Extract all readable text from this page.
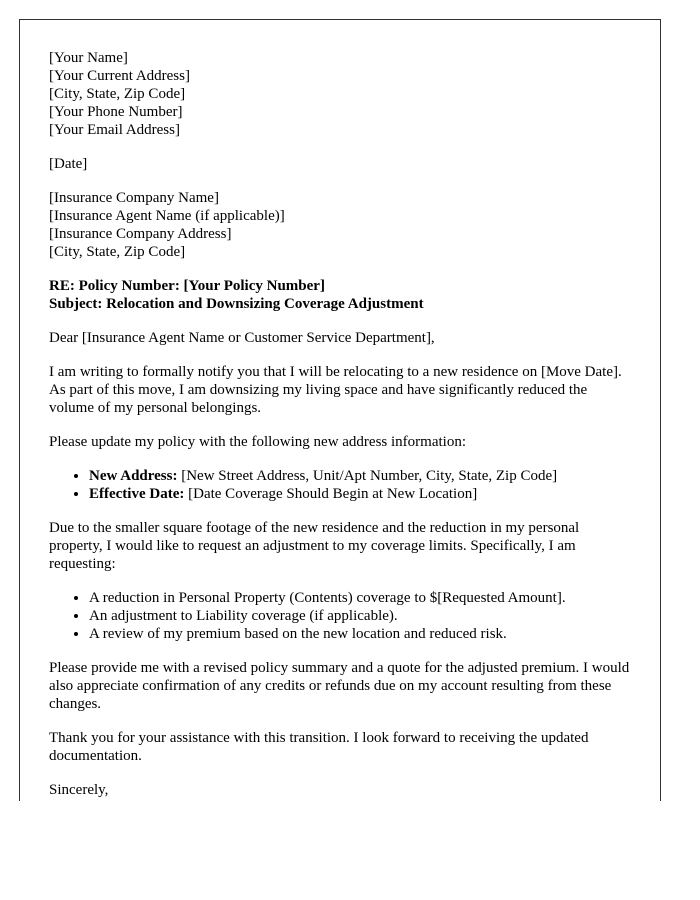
[Your Name]
[Your Current Address]
[City, State, Zip Code]
[Your Phone Number]
[Your Email Address]
[Date]
[Insurance Company Name]
[Insurance Agent Name (if applicable)]
[Insurance Company Address]
[City, State, Zip Code]
RE: Policy Number: [Your Policy Number]
Subject: Relocation and Downsizing Coverage Adjustment

Dear [Insurance Agent Name or Customer Service Department],

I am writing to formally notify you that I will be relocating to a new residence on [Move Date]. As part of this move, I am downsizing my living space and have significantly reduced the volume of my personal belongings.

Please update my policy with the following new address information:

• New Address: [New Street Address, Unit/Apt Number, City, State, Zip Code]
• Effective Date: [Date Coverage Should Begin at New Location]

Due to the smaller square footage of the new residence and the reduction in my personal property, I would like to request an adjustment to my coverage limits. Specifically, I am requesting:

• A reduction in Personal Property (Contents) coverage to $[Requested Amount].
• An adjustment to Liability coverage (if applicable).
• A review of my premium based on the new location and reduced risk.

Please provide me with a revised policy summary and a quote for the adjusted premium. I would also appreciate confirmation of any credits or refunds due on my account resulting from these changes.

Thank you for your assistance with this transition. I look forward to receiving the updated documentation.

Sincerely,
